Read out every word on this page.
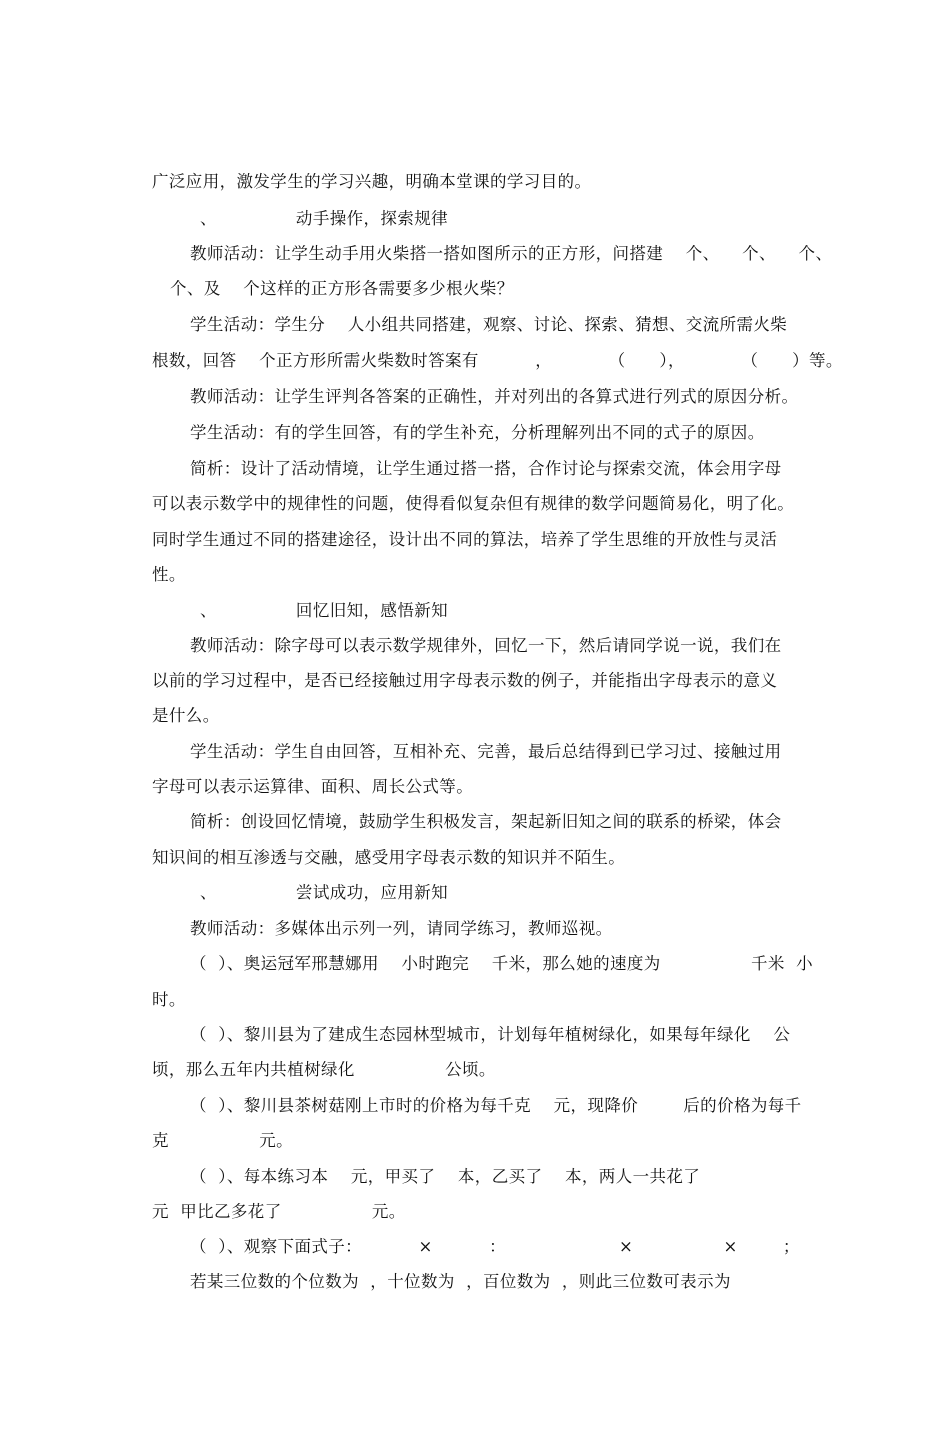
广泛应用，激发学生的学习兴趣，明确本堂课的学习目的。
、              动手操作，探索规律
教师活动：让学生动手用火柴搭一搭如图所示的正方形，问搭建    个、    个、    个、
个、及    个这样的正方形各需要多少根火柴？
学生活动：学生分    人小组共同搭建，观察、讨论、探索、猜想、交流所需火柴
根数，回答    个正方形所需火柴数时答案有          ，          （      ），          （      ）等。
教师活动：让学生评判各答案的正确性，并对列出的各算式进行列式的原因分析。
学生活动：有的学生回答，有的学生补充，分析理解列出不同的式子的原因。
简析：设计了活动情境，让学生通过搭一搭，合作讨论与探索交流，体会用字母
可以表示数学中的规律性的问题，使得看似复杂但有规律的数学问题简易化，明了化。
同时学生通过不同的搭建途径，设计出不同的算法，培养了学生思维的开放性与灵活
性。
、              回忆旧知，感悟新知
教师活动：除字母可以表示数学规律外，回忆一下，然后请同学说一说，我们在
以前的学习过程中，是否已经接触过用字母表示数的例子，并能指出字母表示的意义
是什么。
学生活动：学生自由回答，互相补充、完善，最后总结得到已学习过、接触过用
字母可以表示运算律、面积、周长公式等。
简析：创设回忆情境，鼓励学生积极发言，架起新旧知之间的联系的桥梁，体会
知识间的相互渗透与交融，感受用字母表示数的知识并不陌生。
、              尝试成功，应用新知
教师活动：多媒体出示列一列，请同学练习，教师巡视。
（  ）、奥运冠军邢慧娜用    小时跑完    千米，那么她的速度为                千米  小
时。
（  ）、黎川县为了建成生态园林型城市，计划每年植树绿化，如果每年绿化    公
顷，那么五年内共植树绿化                公顷。
（  ）、黎川县茶树菇刚上市时的价格为每千克    元，现降价        后的价格为每千
克                元。
（  ）、每本练习本    元，甲买了    本，乙买了    本，两人一共花了
元  甲比乙多花了                元。
（  ）、观察下面式子：          ×          ：                    ×                ×        ；
若某三位数的个位数为  ，十位数为  ，百位数为  ，则此三位数可表示为
